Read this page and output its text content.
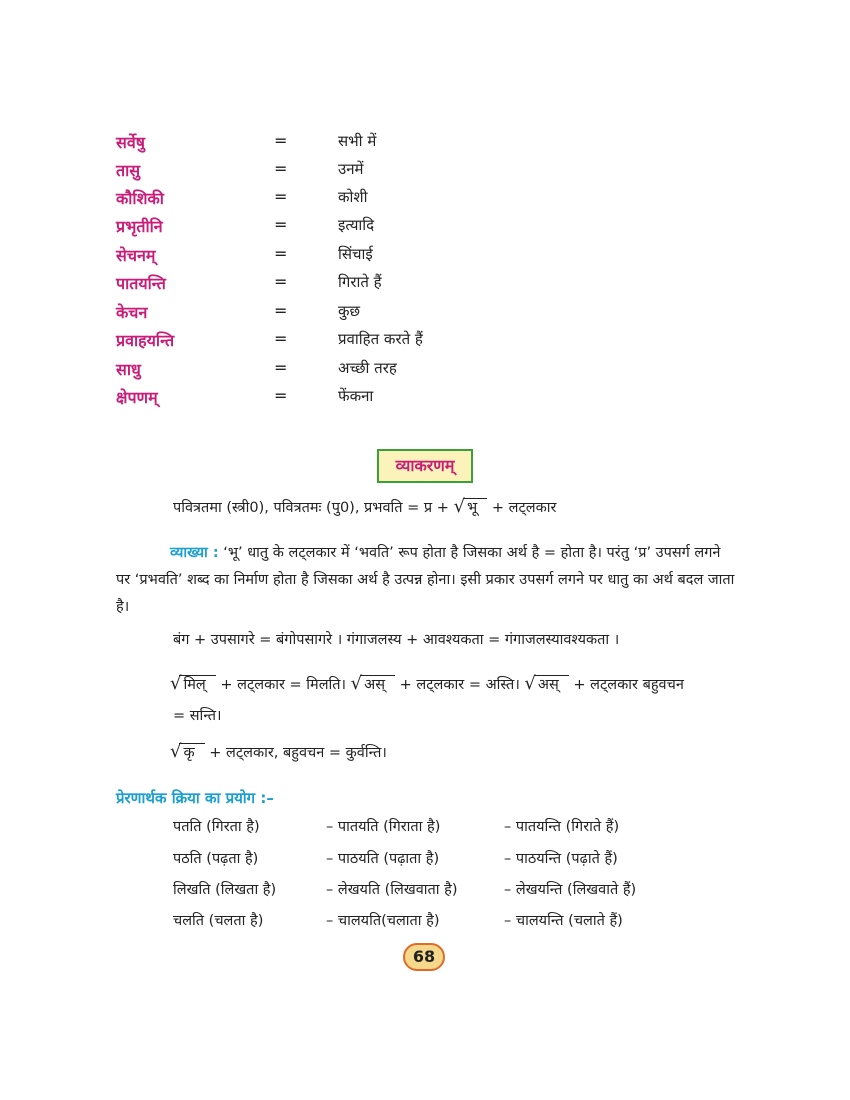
सर्वेषु	=	सभी में
तासु	=	उनमें
कौशिकी	=	कोशी
प्रभृतीनि	=	इत्यादि
सेचनम्	=	सिंचाई
पातयन्ति	=	गिराते हैं
केचन	=	कुछ
प्रवाहयन्ति	=	प्रवाहित करते हैं
साधु	=	अच्छी तरह
क्षेपणम्	=	फेंकना
व्याकरणम्
पवित्रतमा (स्त्री0), पवित्रतमः (पु0), प्रभवति = प्र + √ भू + लट्लकार
व्याख्या : ‘भू’ धातु के लट्लकार में ‘भवति’ रूप होता है जिसका अर्थ है = होता है। परंतु ‘प्र’ उपसर्ग लगने पर ‘प्रभवति’ शब्द का निर्माण होता है जिसका अर्थ है उत्पन्न होना। इसी प्रकार उपसर्ग लगने पर धातु का अर्थ बदल जाता है।
बंग + उपसागरे = बंगोपसागरे । गंगाजलस्य + आवश्यकता = गंगाजलस्यावश्यकता ।
√ मिल् + लट्लकार = मिलति। √ अस् + लट्लकार = अस्ति। √ अस् + लट्लकार बहुवचन
= सन्ति।
√ कृ + लट्लकार, बहुवचन = कुर्वन्ति।
प्रेरणार्थक क्रिया का प्रयोग :–
पतति (गिरता है)	– पातयति (गिराता है)	– पातयन्ति (गिराते हैं)
पठति (पढ़ता है)	– पाठयति (पढ़ाता है)	– पाठयन्ति (पढ़ाते हैं)
लिखति (लिखता है)	– लेखयति (लिखवाता है)	– लेखयन्ति (लिखवाते हैं)
चलति (चलता है)	– चालयति(चलाता है)	– चालयन्ति (चलाते हैं)
68
